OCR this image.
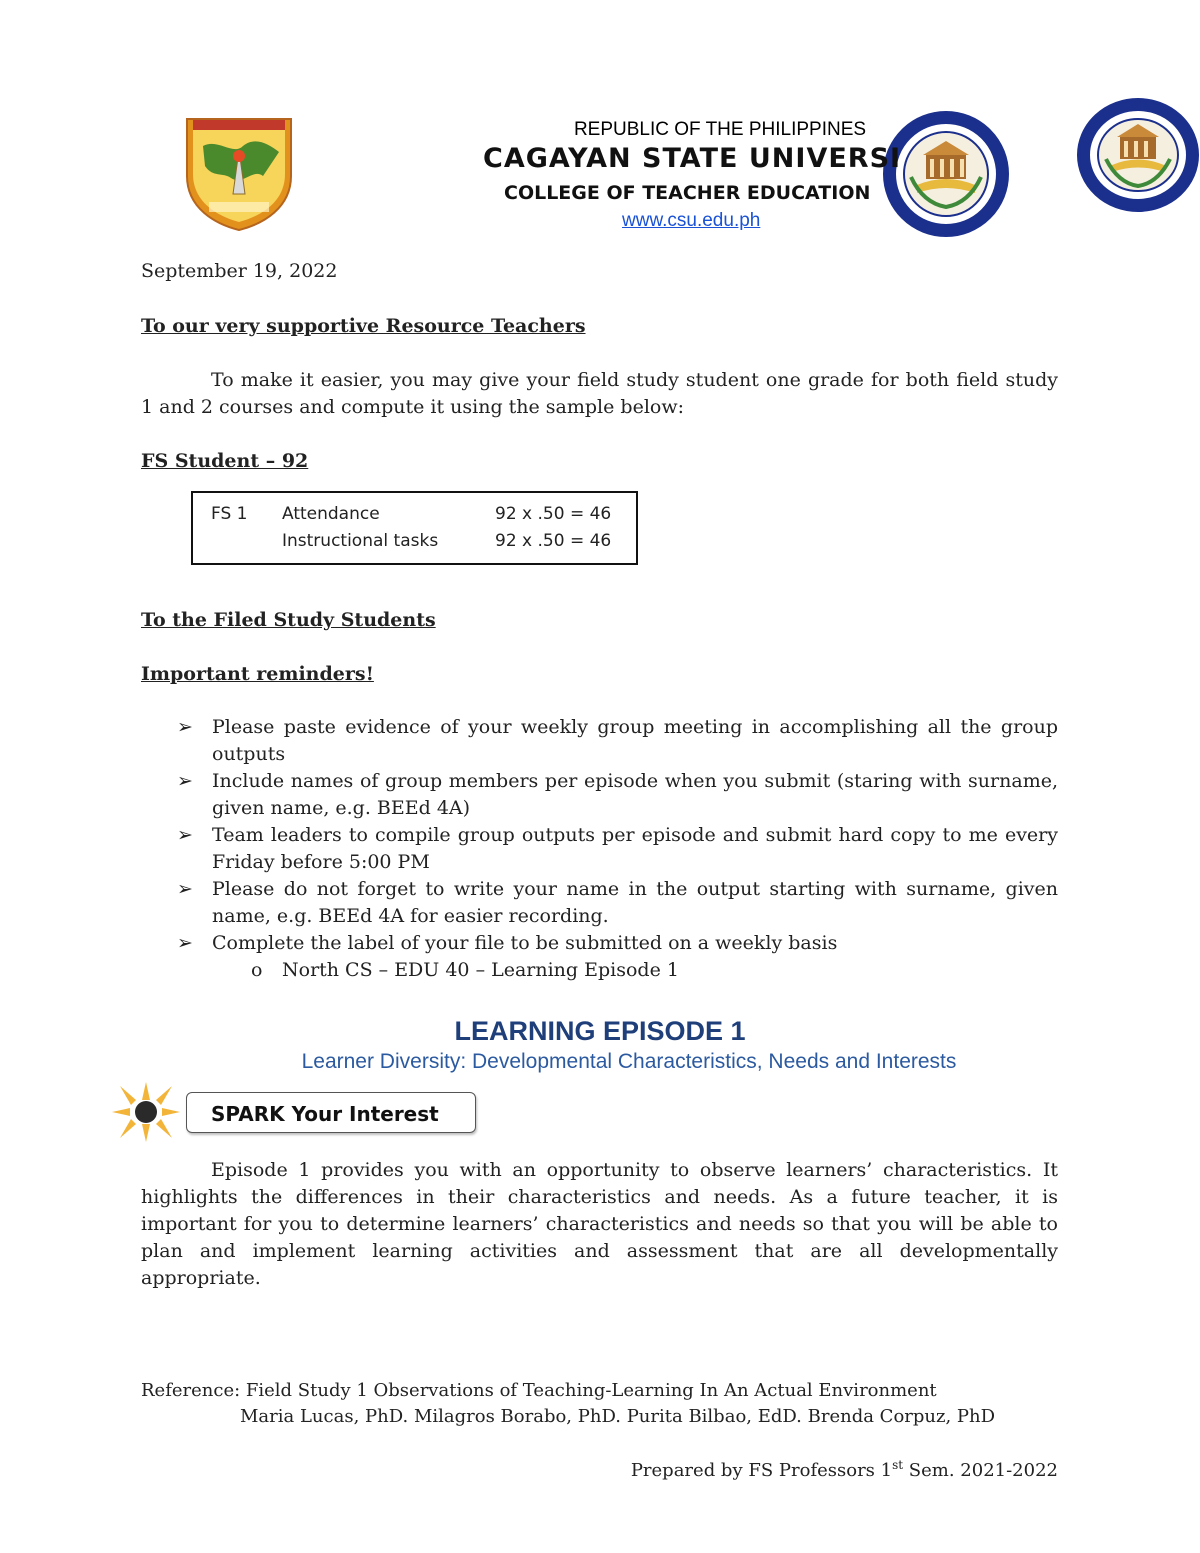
REPUBLIC OF THE PHILIPPINES
CAGAYAN STATE UNIVERSI
COLLEGE OF TEACHER EDUCATION
www.csu.edu.ph
September 19, 2022
To our very supportive Resource Teachers
To make it easier, you may give your field study student one grade for both field study 1 and 2 courses and compute it using the sample below:
FS Student – 92
FS 1 Attendance	92 x .50 = 46
Instructional tasks	92 x .50 = 46
To the Filed Study Students
Important reminders!
➢ Please paste evidence of your weekly group meeting in accomplishing all the group outputs
➢ Include names of group members per episode when you submit (staring with surname, given name, e.g. BEEd 4A)
➢ Team leaders to compile group outputs per episode and submit hard copy to me every Friday before 5:00 PM
➢ Please do not forget to write your name in the output starting with surname, given name, e.g. BEEd 4A for easier recording.
➢ Complete the label of your file to be submitted on a weekly basis
o North CS – EDU 40 – Learning Episode 1
LEARNING EPISODE 1
Learner Diversity: Developmental Characteristics, Needs and Interests
SPARK Your Interest
Episode 1 provides you with an opportunity to observe learners’ characteristics. It highlights the differences in their characteristics and needs. As a future teacher, it is important for you to determine learners’ characteristics and needs so that you will be able to plan and implement learning activities and assessment that are all developmentally appropriate.
Reference: Field Study 1 Observations of Teaching-Learning In An Actual Environment
Maria Lucas, PhD. Milagros Borabo, PhD. Purita Bilbao, EdD. Brenda Corpuz, PhD
Prepared by FS Professors 1st Sem. 2021-2022
